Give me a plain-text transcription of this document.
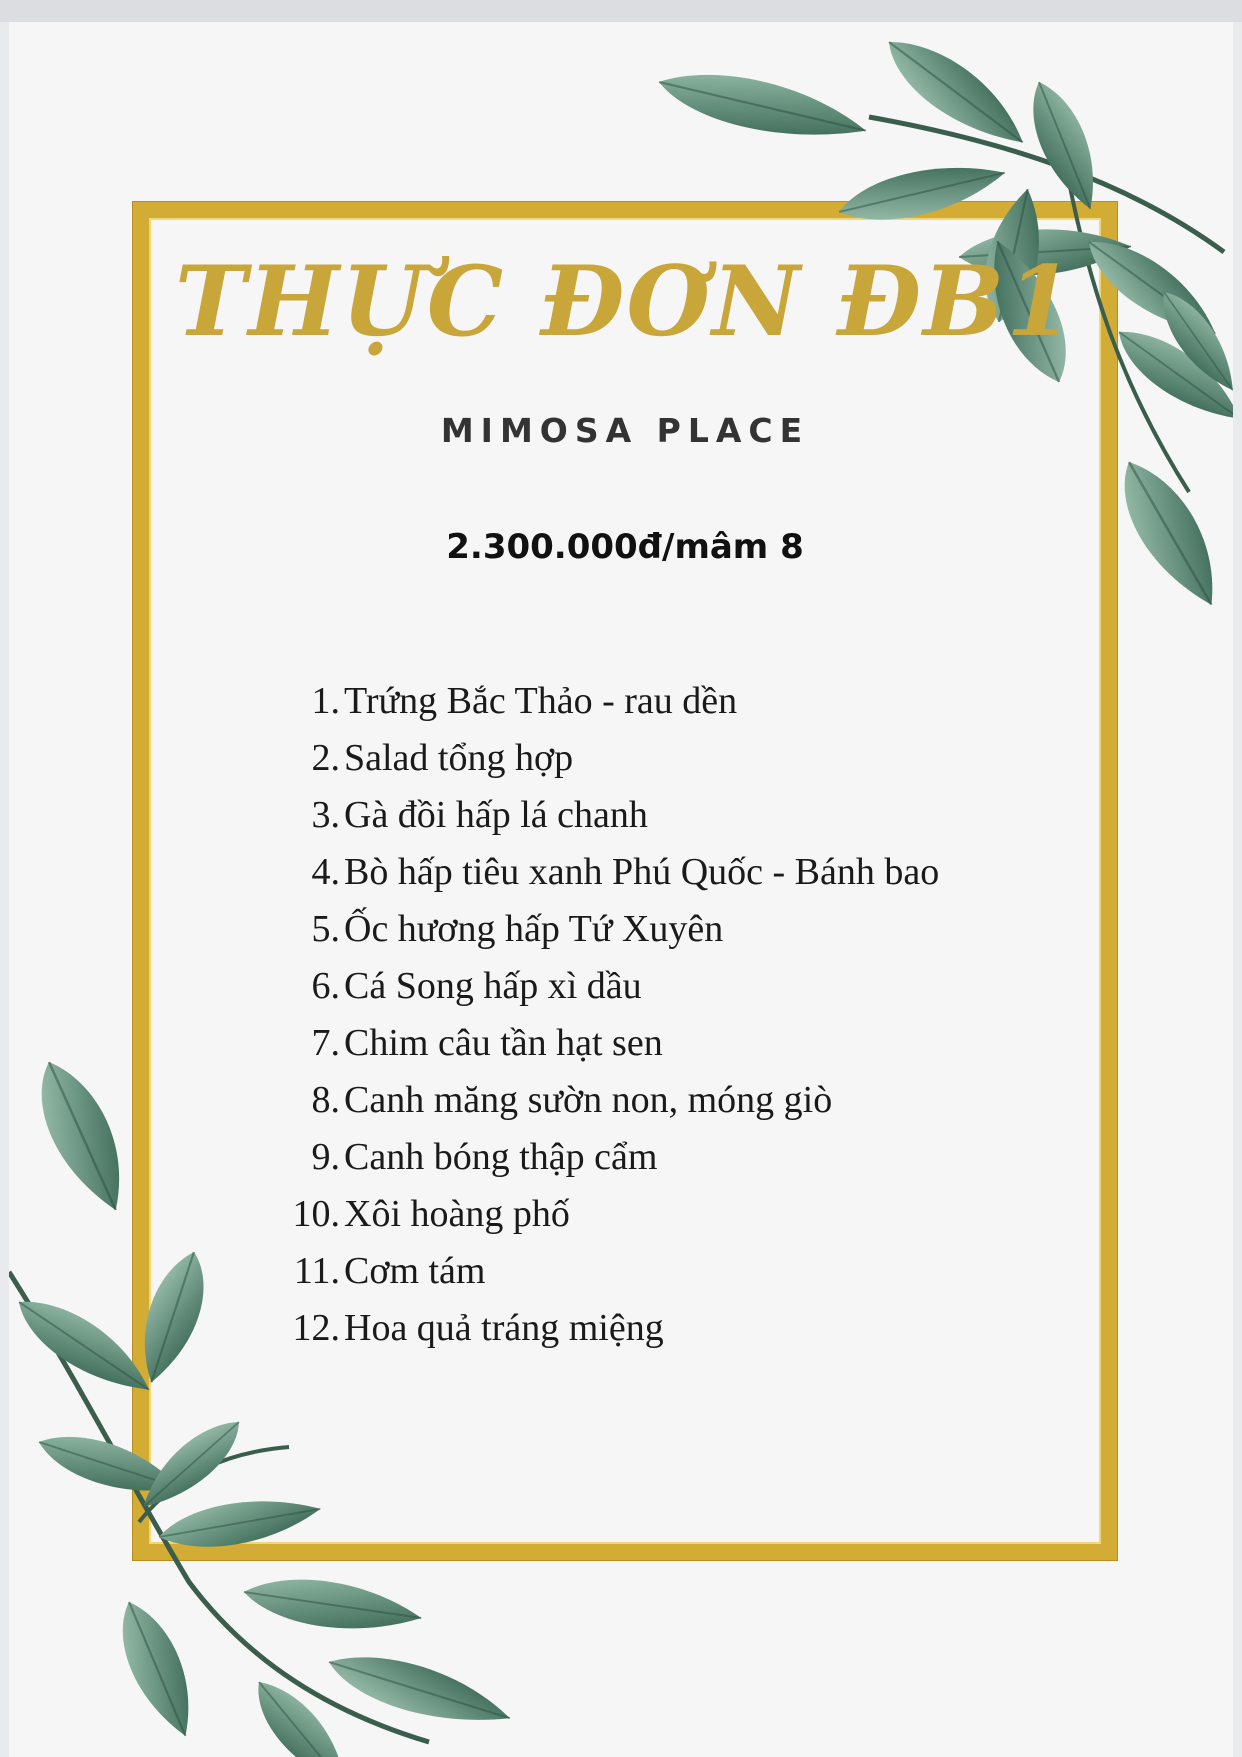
THỰC ĐƠN ĐB1
MIMOSA PLACE
2.300.000đ/mâm 8
1. Trứng Bắc Thảo - rau dền
2. Salad tổng hợp
3. Gà đồi hấp lá chanh
4. Bò hấp tiêu xanh Phú Quốc - Bánh bao
5. Ốc hương hấp Tứ Xuyên
6. Cá Song hấp xì dầu
7. Chim câu tần hạt sen
8. Canh măng sườn non, móng giò
9. Canh bóng thập cẩm
10. Xôi hoàng phố
11. Cơm tám
12. Hoa quả tráng miệng
